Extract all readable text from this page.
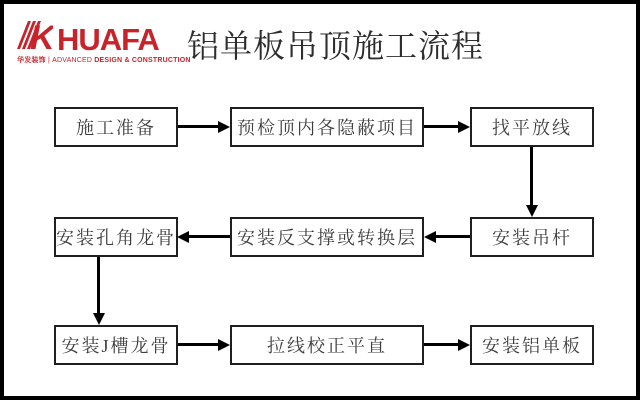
K HUAFA
华发装饰 | ADVANCED DESIGN & CONSTRUCTION
铝单板吊顶施工流程
施工准备	预检顶内各隐蔽项目	找平放线
安装吊杆
安装反支撑或转换层
安装孔角龙骨
安装J槽龙骨	拉线校正平直	安装铝单板
